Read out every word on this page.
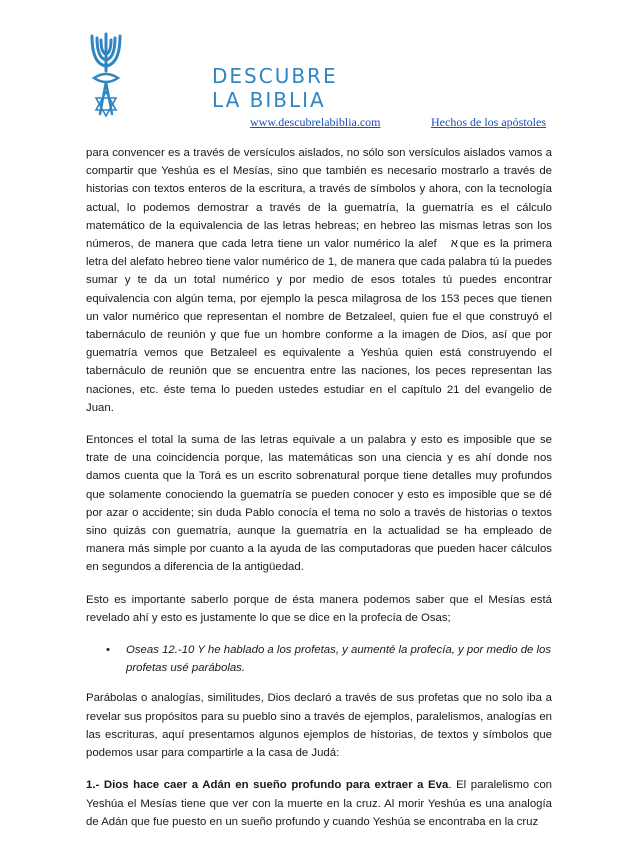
DESCUBRE
LA BIBLIA
www.descubrelabiblia.com	Hechos de los apóstoles

para convencer es a través de versículos aislados, no sólo son versículos aislados vamos a compartir que Yeshúa es el Mesías, sino que también es necesario mostrarlo a través de historias con textos enteros de la escritura, a través de símbolos y ahora, con la tecnología actual, lo podemos demostrar a través de la guematría, la guematría es el cálculo matemático de la equivalencia de las letras hebreas; en hebreo las mismas letras son los números, de manera que cada letra tiene un valor numérico la alef א que es la primera letra del alefato hebreo tiene valor numérico de 1, de manera que cada palabra tú la puedes sumar y te da un total numérico y por medio de esos totales tú puedes encontrar equivalencia con algún tema, por ejemplo la pesca milagrosa de los 153 peces que tienen un valor numérico que representan el nombre de Betzaleel, quien fue el que construyó el tabernáculo de reunión y que fue un hombre conforme a la imagen de Dios, así que por guematría vemos que Betzaleel es equivalente a Yeshúa quien está construyendo el tabernáculo de reunión que se encuentra entre las naciones, los peces representan las naciones, etc. éste tema lo pueden ustedes estudiar en el capítulo 21 del evangelio de Juan.

Entonces el total la suma de las letras equivale a un palabra y esto es imposible que se trate de una coincidencia porque, las matemáticas son una ciencia y es ahí donde nos damos cuenta que la Torá es un escrito sobrenatural porque tiene detalles muy profundos que solamente conociendo la guematría se pueden conocer y esto es imposible que se dé por azar o accidente; sin duda Pablo conocía el tema no solo a través de historias o textos sino quizás con guematría, aunque la guematría en la actualidad se ha empleado de manera más simple por cuanto a la ayuda de las computadoras que pueden hacer cálculos en segundos a diferencia de la antigüedad.

Esto es importante saberlo porque de ésta manera podemos saber que el Mesías está revelado ahí y esto es justamente lo que se dice en la profecía de Osas;

• Oseas 12.-10 Y he hablado a los profetas, y aumenté la profecía, y por medio de los profetas usé parábolas.

Parábolas o analogías, similitudes, Dios declaró a través de sus profetas que no solo iba a revelar sus propósitos para su pueblo sino a través de ejemplos, paralelismos, analogías en las escrituras, aquí presentamos algunos ejemplos de historias, de textos y símbolos que podemos usar para compartirle a la casa de Judá:

1.- Dios hace caer a Adán en sueño profundo para extraer a Eva. El paralelismo con Yeshúa el Mesías tiene que ver con la muerte en la cruz. Al morir Yeshúa es una analogía de Adán que fue puesto en un sueño profundo y cuando Yeshúa se encontraba en la cruz
